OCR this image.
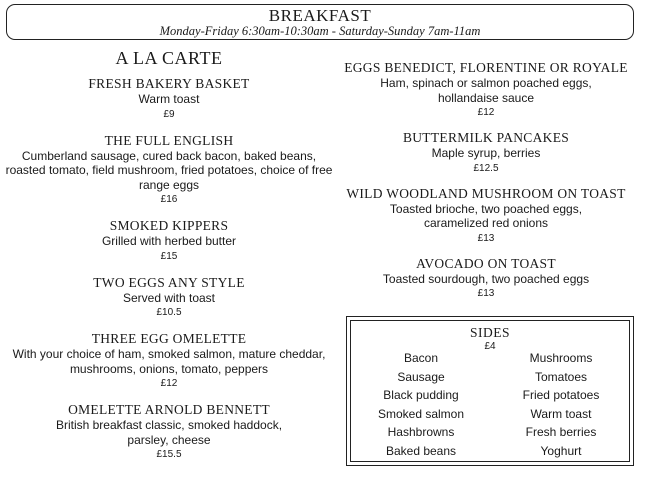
BREAKFAST
Monday-Friday 6:30am-10:30am - Saturday-Sunday 7am-11am
A LA CARTE
FRESH BAKERY BASKET
Warm toast
£9
THE FULL ENGLISH
Cumberland sausage, cured back bacon, baked beans, roasted tomato, field mushroom, fried potatoes, choice of free range eggs
£16
SMOKED KIPPERS
Grilled with herbed butter
£15
TWO EGGS ANY STYLE
Served with toast
£10.5
THREE EGG OMELETTE
With your choice of ham, smoked salmon, mature cheddar, mushrooms, onions, tomato, peppers
£12
OMELETTE ARNOLD BENNETT
British breakfast classic, smoked haddock, parsley, cheese
£15.5
EGGS BENEDICT, FLORENTINE OR ROYALE
Ham, spinach or salmon poached eggs, hollandaise sauce
£12
BUTTERMILK PANCAKES
Maple syrup, berries
£12.5
WILD WOODLAND MUSHROOM ON TOAST
Toasted brioche, two poached eggs, caramelized red onions
£13
AVOCADO ON TOAST
Toasted sourdough, two poached eggs
£13
SIDES
£4
Bacon
Sausage
Black pudding
Smoked salmon
Hashbrowns
Baked beans
Mushrooms
Tomatoes
Fried potatoes
Warm toast
Fresh berries
Yoghurt
